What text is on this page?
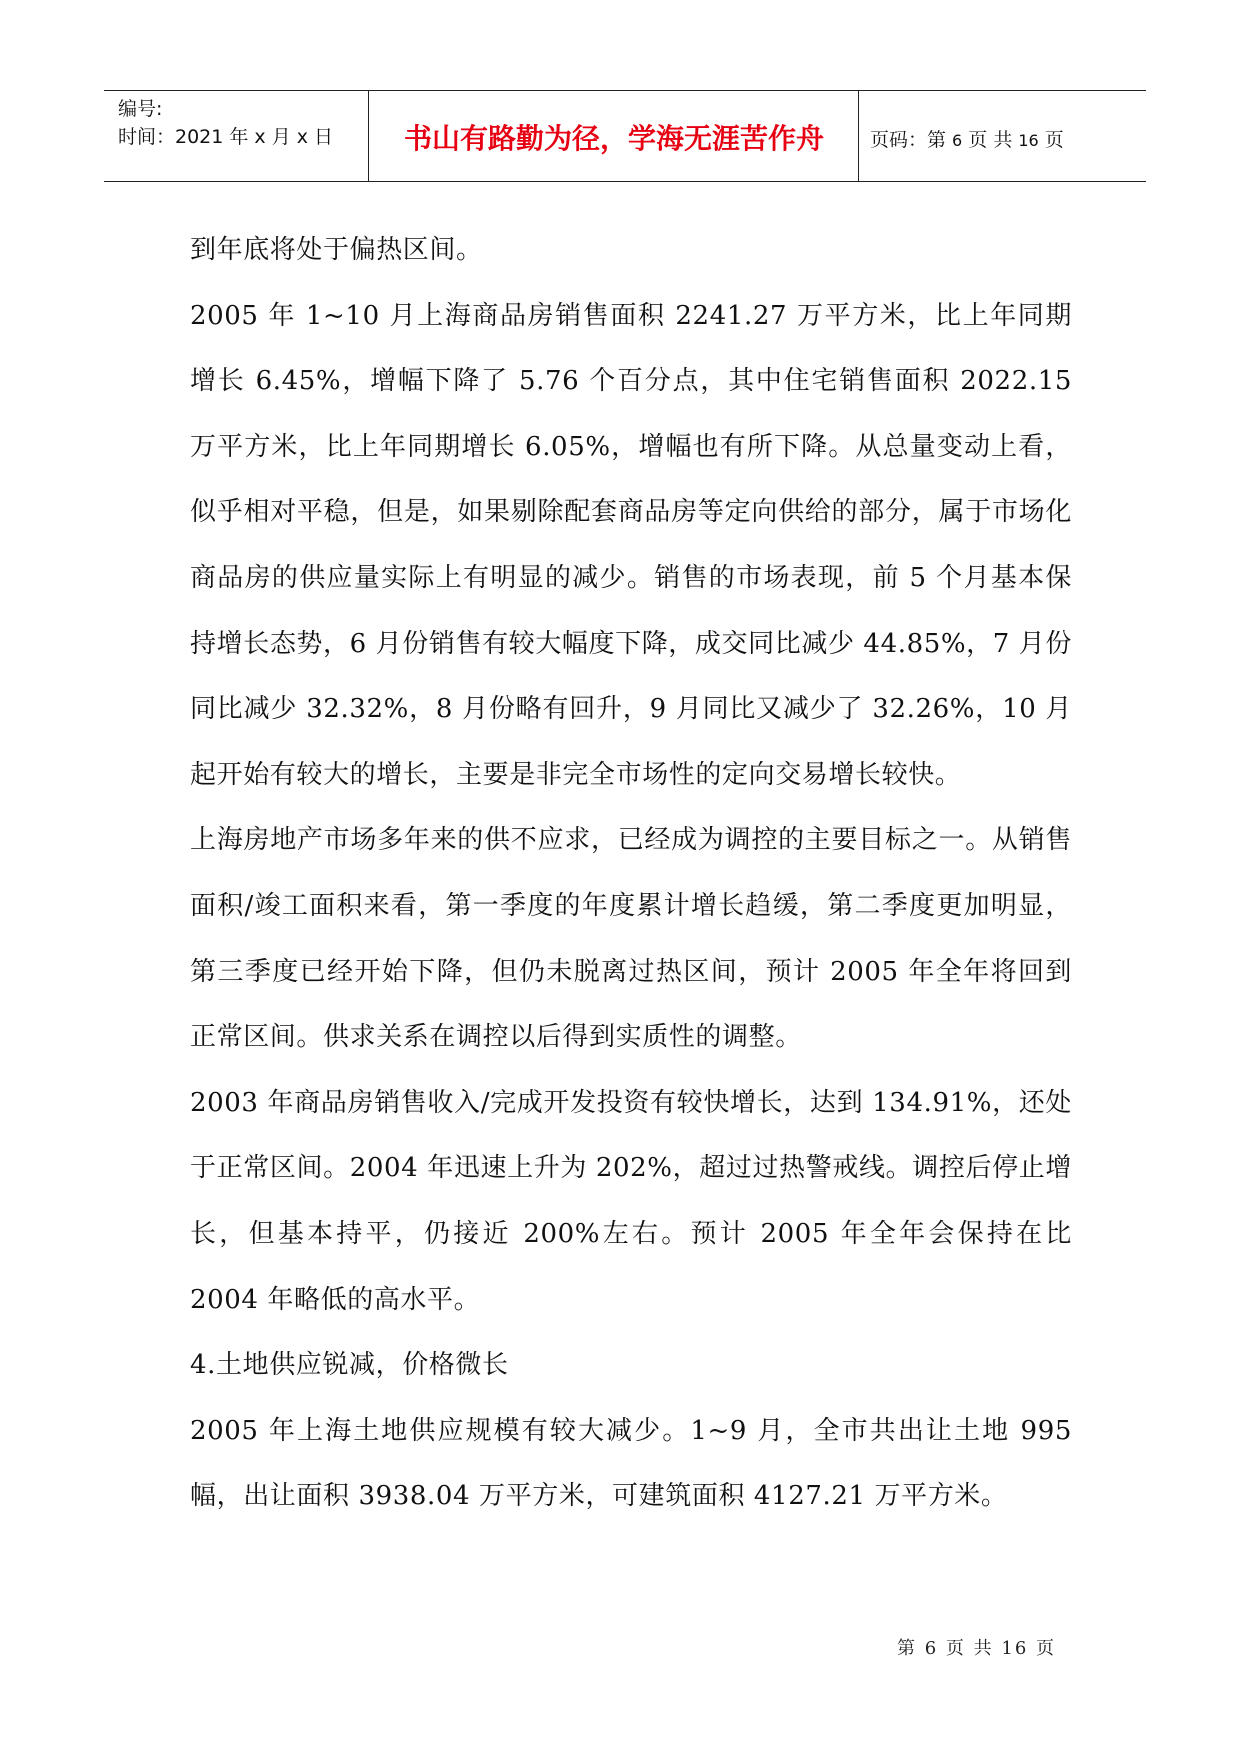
编号:
时间：2021 年 x 月 x 日	书山有路勤为径，学海无涯苦作舟	页码：第 6 页 共 16 页

到年底将处于偏热区间。

2005 年 1~10 月上海商品房销售面积 2241.27 万平方米，比上年同期增长 6.45%，增幅下降了 5.76 个百分点，其中住宅销售面积 2022.15 万平方米，比上年同期增长 6.05%，增幅也有所下降。从总量变动上看，似乎相对平稳，但是，如果剔除配套商品房等定向供给的部分，属于市场化商品房的供应量实际上有明显的减少。销售的市场表现，前 5 个月基本保持增长态势，6 月份销售有较大幅度下降，成交同比减少 44.85%，7 月份同比减少 32.32%，8 月份略有回升，9 月同比又减少了 32.26%，10 月起开始有较大的增长，主要是非完全市场性的定向交易增长较快。

上海房地产市场多年来的供不应求，已经成为调控的主要目标之一。从销售面积/竣工面积来看，第一季度的年度累计增长趋缓，第二季度更加明显，第三季度已经开始下降，但仍未脱离过热区间，预计 2005 年全年将回到正常区间。供求关系在调控以后得到实质性的调整。

2003 年商品房销售收入/完成开发投资有较快增长，达到 134.91%，还处于正常区间。2004 年迅速上升为 202%，超过过热警戒线。调控后停止增长，但基本持平，仍接近 200%左右。预计 2005 年全年会保持在比 2004 年略低的高水平。

4.土地供应锐减，价格微长

2005 年上海土地供应规模有较大减少。1~9 月，全市共出让土地 995 幅，出让面积 3938.04 万平方米，可建筑面积 4127.21 万平方米。

第 6 页 共 16 页
